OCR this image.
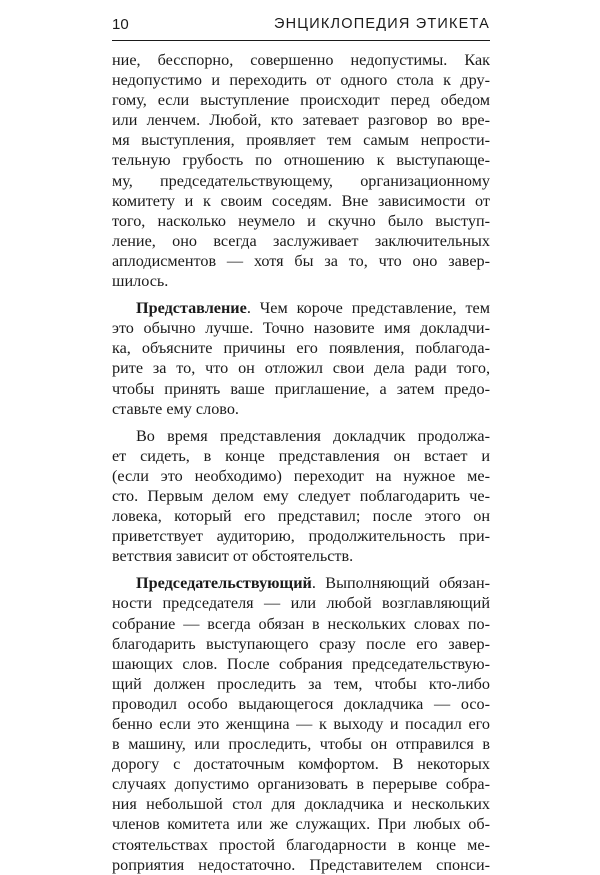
10	ЭНЦИКЛОПЕДИЯ ЭТИКЕТА
ние, бесспорно, совершенно недопустимы. Как
недопустимо и переходить от одного стола к дру-
гому, если выступление происходит перед обедом
или ленчем. Любой, кто затевает разговор во вре-
мя выступления, проявляет тем самым непрости-
тельную грубость по отношению к выступающе-
му, председательствующему, организационному
комитету и к своим соседям. Вне зависимости от
того, насколько неумело и скучно было выступ-
ление, оно всегда заслуживает заключительных
аплодисментов — хотя бы за то, что оно завер-
шилось.
Представление. Чем короче представление, тем
это обычно лучше. Точно назовите имя докладчи-
ка, объясните причины его появления, поблагода-
рите за то, что он отложил свои дела ради того,
чтобы принять ваше приглашение, а затем предо-
ставьте ему слово.
Во время представления докладчик продолжа-
ет сидеть, в конце представления он встает и
(если это необходимо) переходит на нужное ме-
сто. Первым делом ему следует поблагодарить че-
ловека, который его представил; после этого он
приветствует аудиторию, продолжительность при-
ветствия зависит от обстоятельств.
Председательствующий. Выполняющий обязан-
ности председателя — или любой возглавляющий
собрание — всегда обязан в нескольких словах по-
благодарить выступающего сразу после его завер-
шающих слов. После собрания председательствую-
щий должен проследить за тем, чтобы кто-либо
проводил особо выдающегося докладчика — осо-
бенно если это женщина — к выходу и посадил его
в машину, или проследить, чтобы он отправился в
дорогу с достаточным комфортом. В некоторых
случаях допустимо организовать в перерыве собра-
ния небольшой стол для докладчика и нескольких
членов комитета или же служащих. При любых об-
стоятельствах простой благодарности в конце ме-
роприятия недостаточно. Представителем спонси-
